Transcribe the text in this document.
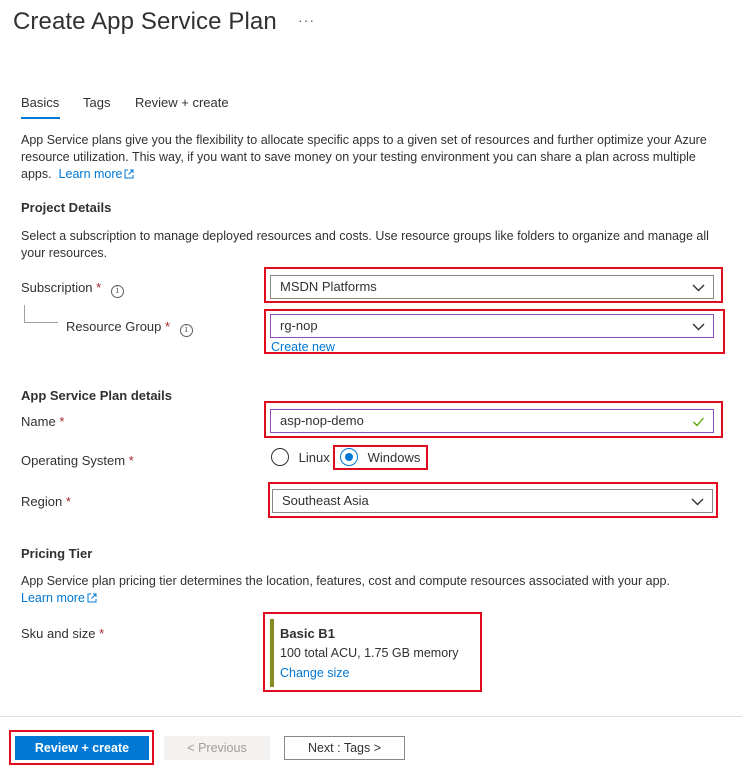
Create App Service Plan ···
Basics Tags Review + create
App Service plans give you the flexibility to allocate specific apps to a given set of resources and further optimize your Azure resource utilization. This way, if you want to save money on your testing environment you can share a plan across multiple apps. Learn more
Project Details
Select a subscription to manage deployed resources and costs. Use resource groups like folders to organize and manage all your resources.
Subscription * i	MSDN Platforms
Resource Group * i	rg-nop
Create new
App Service Plan details
Name *	asp-nop-demo
Operating System *	Linux	Windows
Region *	Southeast Asia
Pricing Tier
App Service plan pricing tier determines the location, features, cost and compute resources associated with your app.
Learn more
Sku and size *	Basic B1
100 total ACU, 1.75 GB memory
Change size
Review + create	< Previous	Next : Tags >
